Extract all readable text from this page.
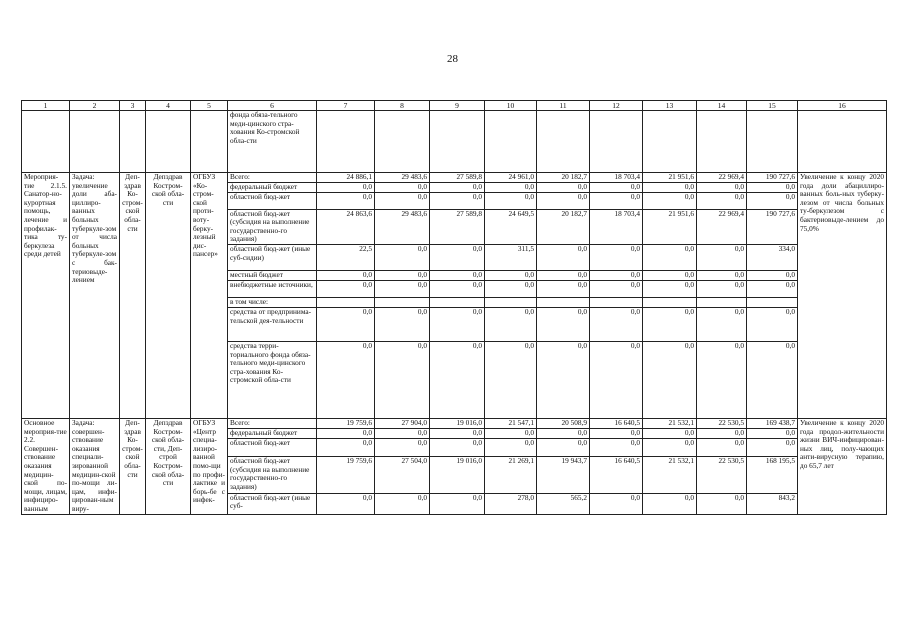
28
1	2	3	4	5	6	7	8	9	10	11	12	13	14	15	16
					фонда обяза-тельного меди-цинского стра-хования Ко-стромской обла-сти										
Мероприя-тие 2.1.5. Санатор-но-курортная помощь, лечение и профилак-тика ту-беркулеза среди детей	Задача: увеличение доли аба-циллиро-ванных больных туберкуле-зом от числа больных туберкуле-зом с бак-териовыде-лением	Деп-здрав Ко-стром-ской обла-сти	Депздрав Костром-ской обла-сти	ОГБУЗ «Ко-стром-ской проти-воту-берку-лезный дис-пансер»	Всего:	24 886,1	29 483,6	27 589,8	24 961,0	20 182,7	18 703,4	21 951,6	22 969,4	190 727,6	Увеличение к концу 2020 года доли абациллиро-ванных боль-ных туберку-лезом от числа больных ту-беркулезом с бактериовыде-лением до 75,0%
					федеральный бюджет	0,0	0,0	0,0	0,0	0,0	0,0	0,0	0,0	0,0	
					областной бюд-жет	0,0	0,0	0,0	0,0	0,0	0,0	0,0	0,0	0,0	
					областной бюд-жет (субсидия на выполнение государственно-го задания)	24 863,6	29 483,6	27 589,8	24 649,5	20 182,7	18 703,4	21 951,6	22 969,4	190 727,6	
					областной бюд-жет (иные суб-сидии)	22,5	0,0	0,0	311,5	0,0	0,0	0,0	0,0	334,0	
					местный бюджет	0,0	0,0	0,0	0,0	0,0	0,0	0,0	0,0	0,0	
					внебюджетные источники,	0,0	0,0	0,0	0,0	0,0	0,0	0,0	0,0	0,0	
					в том числе:										
					средства от предпринима-тельской дея-тельности	0,0	0,0	0,0	0,0	0,0	0,0	0,0	0,0	0,0	
					средства терри-ториального фонда обяза-тельного меди-цинского стра-хования Ко-стромской обла-сти	0,0	0,0	0,0	0,0	0,0	0,0	0,0	0,0	0,0	
Основное мероприя-тие 2.2. Совершен-ствование оказания медицин-ской по-мощи, лицам, инфициро-ванным	Задача: совершен-ствование оказания специали-зированной медицин-ской по-мощи ли-цам, инфи-цирован-ным виру-	Деп-здрав Ко-стром-ской обла-сти	Депздрав Костром-ской обла-сти, Деп-строй Костром-ской обла-сти	ОГБУЗ «Центр специа-лизиро-ванной помо-щи по профи-лактике и борь-бе с инфек-	Всего:	19 759,6	27 904,0	19 016,0	21 547,1	20 508,9	16 640,5	21 532,1	22 530,5	169 438,7	Увеличение к концу 2020 года продол-жительности жизни ВИЧ-инфицирован-ных лиц, полу-чающих анти-вирусную терапию, до 65,7 лет
					федеральный бюджет	0,0	0,0	0,0	0,0	0,0	0,0	0,0	0,0	0,0	
					областной бюд-жет	0,0	0,0	0,0	0,0	0,0	0,0	0,0	0,0	0,0	
					областной бюд-жет (субсидия на выполнение государственно-го задания)	19 759,6	27 504,0	19 016,0	21 269,1	19 943,7	16 640,5	21 532,1	22 530,5	168 195,5	
					областной бюд-жет (иные суб-	0,0	0,0	0,0	278,0	565,2	0,0	0,0	0,0	843,2	
